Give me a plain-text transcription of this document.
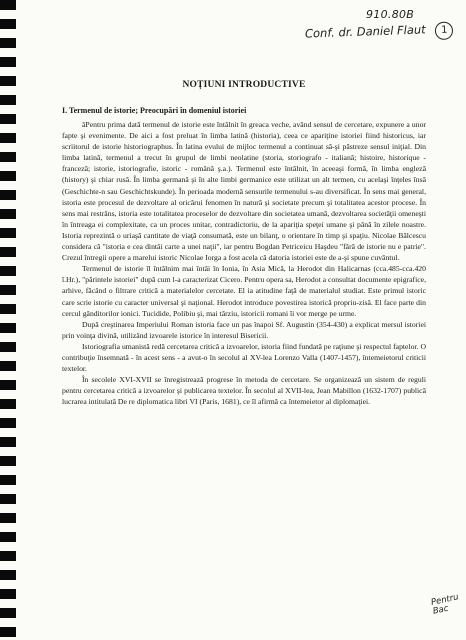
910.80B
Conf. dr. Daniel Flaut 1
NOȚIUNI INTRODUCTIVE
I. Termenul de istorie; Preocupări în domeniul istoriei

âPentru prima dată termenul de istorie este întâlnit în greaca veche, având sensul de cercetare, expunere a unor fapte şi evenimente. De aici a fost preluat în limba latină (historia), ceea ce apariţine istoriei fiind historicus, iar scriitorul de istorie historiographus. În latina evului de mijloc termenul a continuat să-şi păstreze sensul iniţial. Din limba latină, termenul a trecut în grupul de limbi neolatine (storia, storiografo - italiană; histoire, historique - franceză; istorie, istoriografie, istoric - română ş.a.). Termenul este întâlnit, în aceeaşi formă, în limba engleză (history) şi chiar rusă. În limba germană şi în alte limbi germanice este utilizat un alt termen, cu acelaşi înţeles însă (Geschichte-n sau Geschichtskunde). În perioada modernă sensurile termenului s-au diversificat. În sens mai general, istoria este procesul de dezvoltare al oricărui fenomen în natură şi societate precum şi totalitatea acestor procese. În sens mai restrâns, istoria este totalitatea proceselor de dezvoltare din societatea umană, dezvoltarea societăţii omeneşti în întreaga ei complexitate, ca un proces unitar, contradictoriu, de la apariţia speţei umane şi până în zilele noastre. Istoria reprezintă o uriaşă cantitate de viaţă consumată, este un bilanţ, o orientare în timp şi spaţiu. Nicolae Bălcescu considera că "istoria e cea dintâi carte a unei naţii", iar pentru Bogdan Petriceicu Haşdeu "fără de istorie nu e patrie". Crezul întregii opere a marelui istoric Nicolae Iorga a fost acela că datoria istoriei este de a-şi spune cuvântul.

Termenul de istorie îl întâlnim mai întâi în Ionia, în Asia Mică, la Herodot din Halicarnas (cca.485-cca.420 î.Hr.), "părintele istoriei" după cum l-a caracterizat Cicero. Pentru opera sa, Herodot a consultat documente epigrafice, arhive, făcând o filtrare critică a materialelor cercetate. El ia atitudine faţă de materialul studiat. Este primul istoric care scrie istorie cu caracter universal şi naţional. Herodot introduce povestirea istorică propriu-zisă. El face parte din cercul gânditorilor ionici. Tucidide, Polibiu şi, mai târziu, istoricii romani îi vor merge pe urme.

După creştinarea Imperiului Roman istoria face un pas înapoi Sf. Augustin (354-430) a explicat mersul istoriei prin voinţa divină, utilizând izvoarele istorice în interesul Bisericii.

Istoriografia umanistă redă cercetarea critică a izvoarelor, istoria fiind fundată pe raţiune şi respectul faptelor. O contribuţie însemnată - în acest sens - a avut-o în secolul al XV-lea Lorenzo Valla (1407-1457), întemeietorul criticii textelor.

În secolele XVI-XVII se înregistrează progrese în metoda de cercetare. Se organizează un sistem de reguli pentru cercetarea critică a izvoarelor şi publicarea textelor. În secolul al XVII-lea, Jean Mabillon (1632-1707) publică lucrarea intitulată De re diplomatica libri VI (Paris, 1681), ce îl afirmă ca întemeietor al diplomaţiei.

Pentru
Bac
